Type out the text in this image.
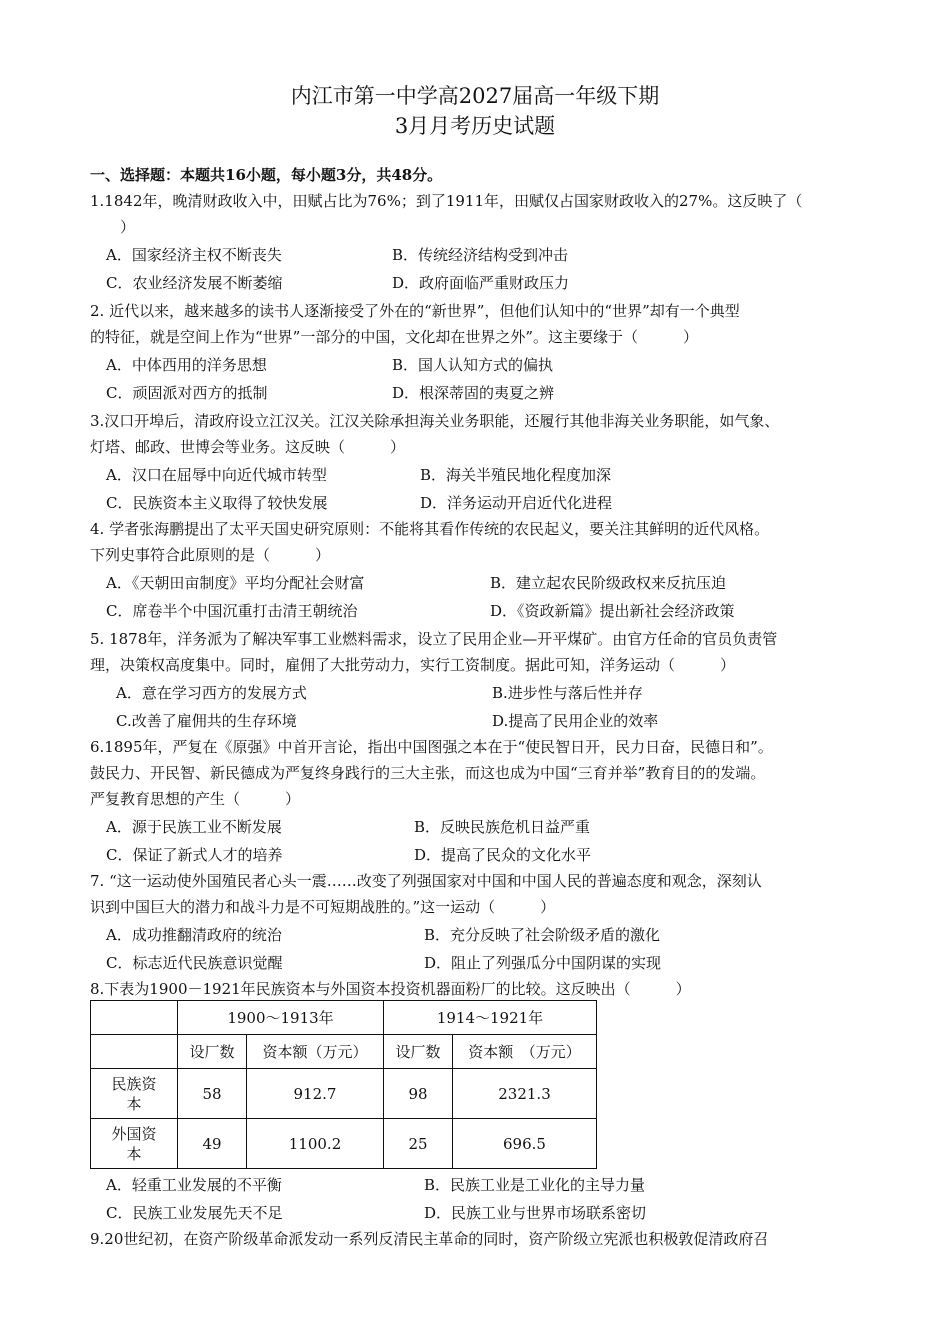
内江市第一中学高2027届高一年级下期
3月月考历史试题
一、选择题：本题共16小题，每小题3分，共48分。
1.1842年，晚清财政收入中，田赋占比为76%；到了1911年，田赋仅占国家财政收入的27%。这反映了（
）
A．国家经济主权不断丧失	B．传统经济结构受到冲击
C．农业经济发展不断萎缩	D．政府面临严重财政压力
2. 近代以来，越来越多的读书人逐渐接受了外在的“新世界”，但他们认知中的“世界”却有一个典型
的特征，就是空间上作为“世界”一部分的中国，文化却在世界之外”。这主要缘于（　　　）
A．中体西用的洋务思想	B．国人认知方式的偏执
C．顽固派对西方的抵制	D．根深蒂固的夷夏之辨
3.汉口开埠后，清政府设立江汉关。江汉关除承担海关业务职能，还履行其他非海关业务职能，如气象、
灯塔、邮政、世博会等业务。这反映（　　　）
A．汉口在屈辱中向近代城市转型	B．海关半殖民地化程度加深
C．民族资本主义取得了较快发展	D．洋务运动开启近代化进程
4. 学者张海鹏提出了太平天国史研究原则：不能将其看作传统的农民起义，要关注其鲜明的近代风格。
下列史事符合此原则的是（　　　）
A．《天朝田亩制度》平均分配社会财富	B．建立起农民阶级政权来反抗压迫
C．席卷半个中国沉重打击清王朝统治	D．《资政新篇》提出新社会经济政策
5. 1878年，洋务派为了解决军事工业燃料需求，设立了民用企业—开平煤矿。由官方任命的官员负责管
理，决策权高度集中。同时，雇佣了大批劳动力，实行工资制度。据此可知，洋务运动（　　　）
A．意在学习西方的发展方式	B.进步性与落后性并存
C.改善了雇佣共的生存环境	D.提高了民用企业的效率
6.1895年，严复在《原强》中首开言论，指出中国图强之本在于“使民智日开，民力日奋，民德日和”。
鼓民力、开民智、新民德成为严复终身践行的三大主张，而这也成为中国“三育并举”教育目的的发端。
严复教育思想的产生（　　　）
A．源于民族工业不断发展	B．反映民族危机日益严重
C．保证了新式人才的培养	D．提高了民众的文化水平
7. “这一运动使外国殖民者心头一震……改变了列强国家对中国和中国人民的普遍态度和观念，深刻认
识到中国巨大的潜力和战斗力是不可短期战胜的。”这一运动（　　　）
A．成功推翻清政府的统治	B．充分反映了社会阶级矛盾的激化
C．标志近代民族意识觉醒	D．阻止了列强瓜分中国阴谋的实现
8.下表为1900－1921年民族资本与外国资本投资机器面粉厂的比较。这反映出（　　　）
	1900～1913年		1914～1921年	
	设厂数	资本额（万元）	设厂数	资本额　（万元）
民族资
本	58	912.7	98	2321.3
外国资
本	49	1100.2	25	696.5
A．轻重工业发展的不平衡	B．民族工业是工业化的主导力量
C．民族工业发展先天不足	D．民族工业与世界市场联系密切
9.20世纪初，在资产阶级革命派发动一系列反清民主革命的同时，资产阶级立宪派也积极敦促清政府召
